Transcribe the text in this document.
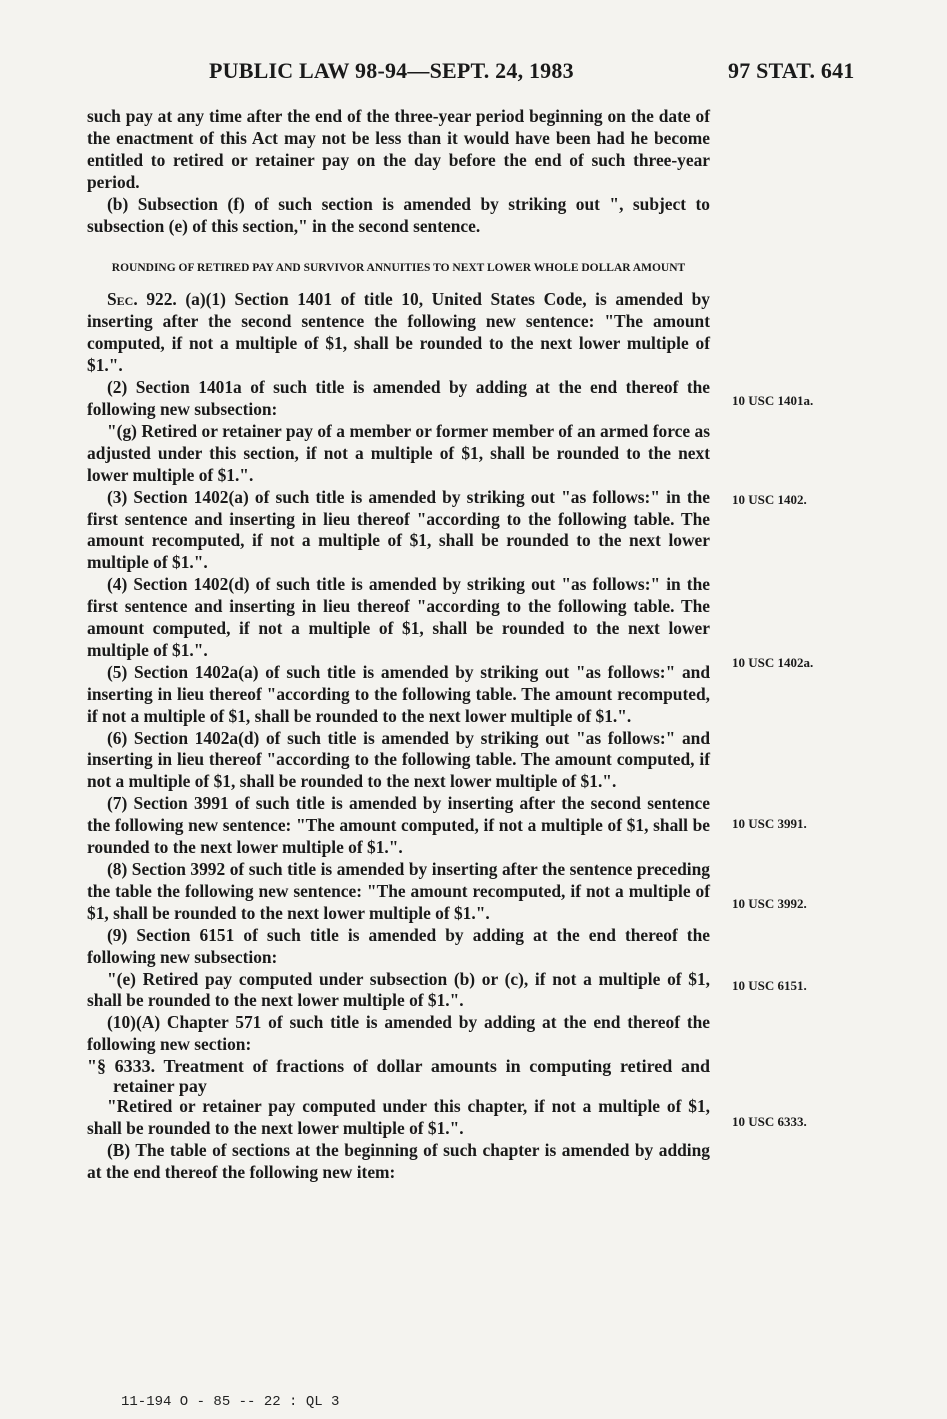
PUBLIC LAW 98-94—SEPT. 24, 1983	97 STAT. 641

such pay at any time after the end of the three-year period beginning on the date of the enactment of this Act may not be less than it would have been had he become entitled to retired or retainer pay on the day before the end of such three-year period.

(b) Subsection (f) of such section is amended by striking out ", subject to subsection (e) of this section," in the second sentence.

ROUNDING OF RETIRED PAY AND SURVIVOR ANNUITIES TO NEXT LOWER WHOLE DOLLAR AMOUNT

Sec. 922. (a)(1) Section 1401 of title 10, United States Code, is amended by inserting after the second sentence the following new sentence: "The amount computed, if not a multiple of $1, shall be rounded to the next lower multiple of $1.".

(2) Section 1401a of such title is amended by adding at the end thereof the following new subsection:

"(g) Retired or retainer pay of a member or former member of an armed force as adjusted under this section, if not a multiple of $1, shall be rounded to the next lower multiple of $1.".

(3) Section 1402(a) of such title is amended by striking out "as follows:" in the first sentence and inserting in lieu thereof "according to the following table. The amount recomputed, if not a multiple of $1, shall be rounded to the next lower multiple of $1.".

(4) Section 1402(d) of such title is amended by striking out "as follows:" in the first sentence and inserting in lieu thereof "according to the following table. The amount computed, if not a multiple of $1, shall be rounded to the next lower multiple of $1.".

(5) Section 1402a(a) of such title is amended by striking out "as follows:" and inserting in lieu thereof "according to the following table. The amount recomputed, if not a multiple of $1, shall be rounded to the next lower multiple of $1.".

(6) Section 1402a(d) of such title is amended by striking out "as follows:" and inserting in lieu thereof "according to the following table. The amount computed, if not a multiple of $1, shall be rounded to the next lower multiple of $1.".

(7) Section 3991 of such title is amended by inserting after the second sentence the following new sentence: "The amount computed, if not a multiple of $1, shall be rounded to the next lower multiple of $1.".

(8) Section 3992 of such title is amended by inserting after the sentence preceding the table the following new sentence: "The amount recomputed, if not a multiple of $1, shall be rounded to the next lower multiple of $1.".

(9) Section 6151 of such title is amended by adding at the end thereof the following new subsection:

"(e) Retired pay computed under subsection (b) or (c), if not a multiple of $1, shall be rounded to the next lower multiple of $1.".

(10)(A) Chapter 571 of such title is amended by adding at the end thereof the following new section:

"§ 6333. Treatment of fractions of dollar amounts in computing retired and retainer pay

"Retired or retainer pay computed under this chapter, if not a multiple of $1, shall be rounded to the next lower multiple of $1.".

(B) The table of sections at the beginning of such chapter is amended by adding at the end thereof the following new item:

10 USC 1401a.
10 USC 1402.
10 USC 1402a.
10 USC 3991.
10 USC 3992.
10 USC 6151.
10 USC 6333.
11-194 O - 85 -- 22 : QL 3
